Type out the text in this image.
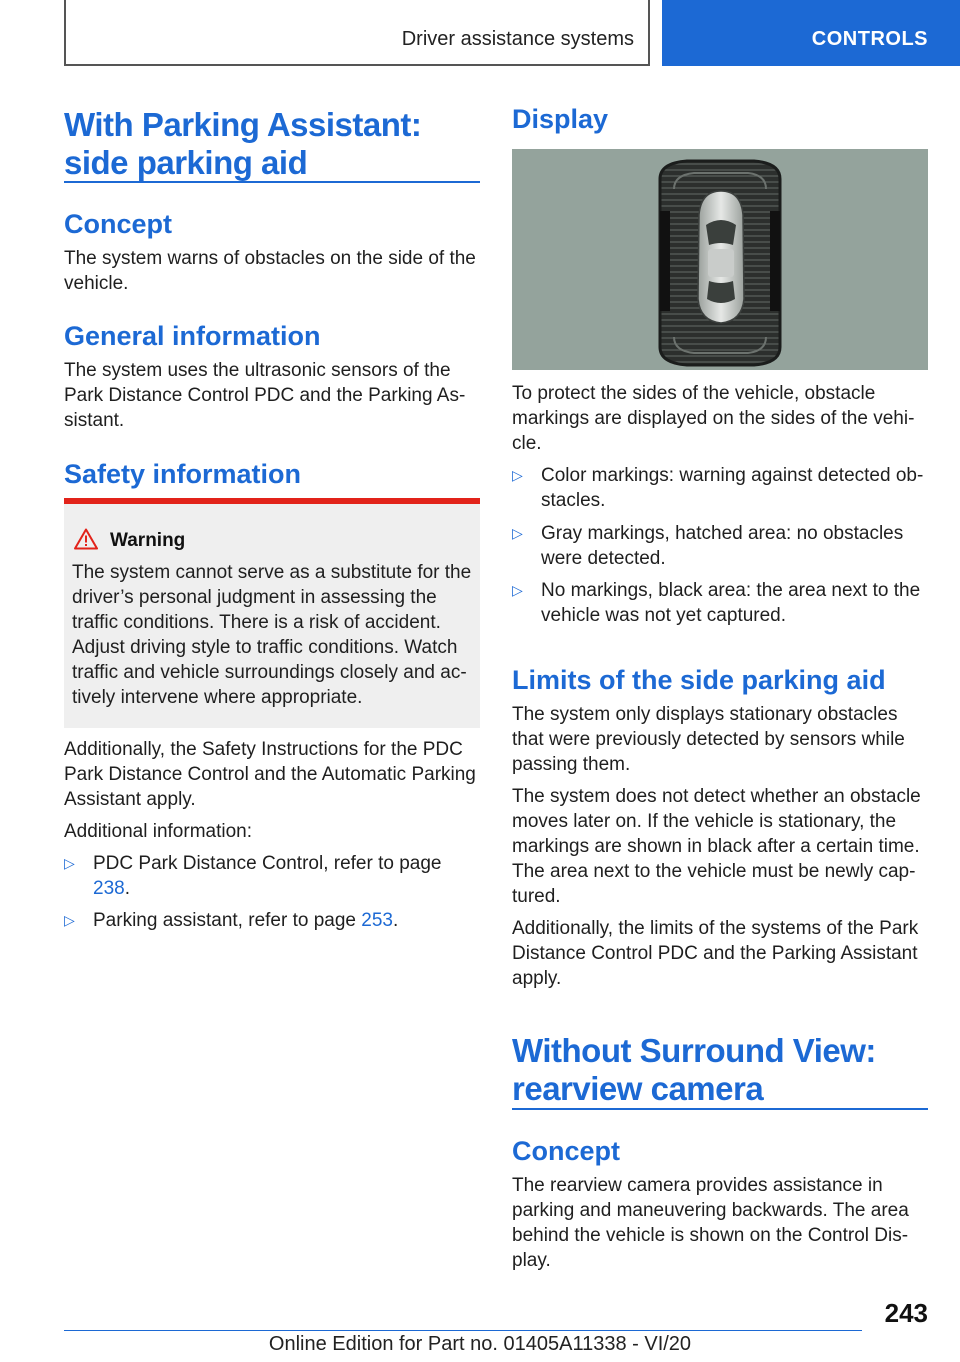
Driver assistance systems	CONTROLS
With Parking Assistant:
side parking aid
Concept
The system warns of obstacles on the side of the vehicle.
General information
The system uses the ultrasonic sensors of the Park Distance Control PDC and the Parking Assistant.
Safety information
Warning
The system cannot serve as a substitute for the driver’s personal judgment in assessing the traffic conditions. There is a risk of accident. Adjust driving style to traffic conditions. Watch traffic and vehicle surroundings closely and actively intervene where appropriate.
Additionally, the Safety Instructions for the PDC Park Distance Control and the Automatic Parking Assistant apply.
Additional information:
▷ PDC Park Distance Control, refer to page 238.
▷ Parking assistant, refer to page 253.
Display
To protect the sides of the vehicle, obstacle markings are displayed on the sides of the vehicle.
▷ Color markings: warning against detected obstacles.
▷ Gray markings, hatched area: no obstacles were detected.
▷ No markings, black area: the area next to the vehicle was not yet captured.
Limits of the side parking aid
The system only displays stationary obstacles that were previously detected by sensors while passing them.
The system does not detect whether an obstacle moves later on. If the vehicle is stationary, the markings are shown in black after a certain time. The area next to the vehicle must be newly captured.
Additionally, the limits of the systems of the Park Distance Control PDC and the Parking Assistant apply.
Without Surround View:
rearview camera
Concept
The rearview camera provides assistance in parking and maneuvering backwards. The area behind the vehicle is shown on the Control Display.
243
Online Edition for Part no. 01405A11338 - VI/20
